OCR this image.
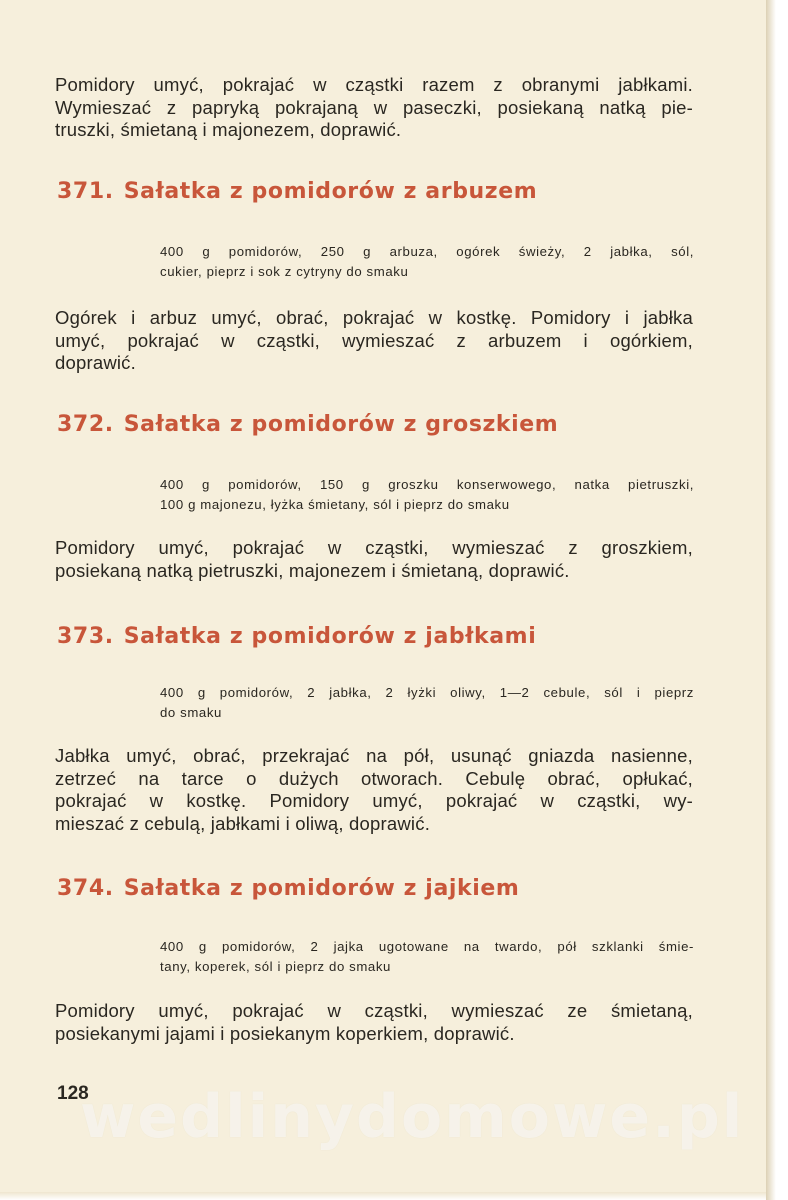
Pomidory umyć, pokrajać w cząstki razem z obranymi jabłkami.
Wymieszać z papryką pokrajaną w paseczki, posiekaną natką pie-
truszki, śmietaną i majonezem, doprawić.

371. Sałatka z pomidorów z arbuzem

400 g pomidorów, 250 g arbuza, ogórek świeży, 2 jabłka, sól,
cukier, pieprz i sok z cytryny do smaku

Ogórek i arbuz umyć, obrać, pokrajać w kostkę. Pomidory i jabłka
umyć, pokrajać w cząstki, wymieszać z arbuzem i ogórkiem,
doprawić.

372. Sałatka z pomidorów z groszkiem

400 g pomidorów, 150 g groszku konserwowego, natka pietruszki,
100 g majonezu, łyżka śmietany, sól i pieprz do smaku

Pomidory umyć, pokrajać w cząstki, wymieszać z groszkiem,
posiekaną natką pietruszki, majonezem i śmietaną, doprawić.

373. Sałatka z pomidorów z jabłkami

400 g pomidorów, 2 jabłka, 2 łyżki oliwy, 1—2 cebule, sól i pieprz
do smaku

Jabłka umyć, obrać, przekrajać na pół, usunąć gniazda nasienne,
zetrzeć na tarce o dużych otworach. Cebulę obrać, opłukać,
pokrajać w kostkę. Pomidory umyć, pokrajać w cząstki, wy-
mieszać z cebulą, jabłkami i oliwą, doprawić.

374. Sałatka z pomidorów z jajkiem

400 g pomidorów, 2 jajka ugotowane na twardo, pół szklanki śmie-
tany, koperek, sól i pieprz do smaku

Pomidory umyć, pokrajać w cząstki, wymieszać ze śmietaną,
posiekanymi jajami i posiekanym koperkiem, doprawić.

128

wedlinydomowe.pl
